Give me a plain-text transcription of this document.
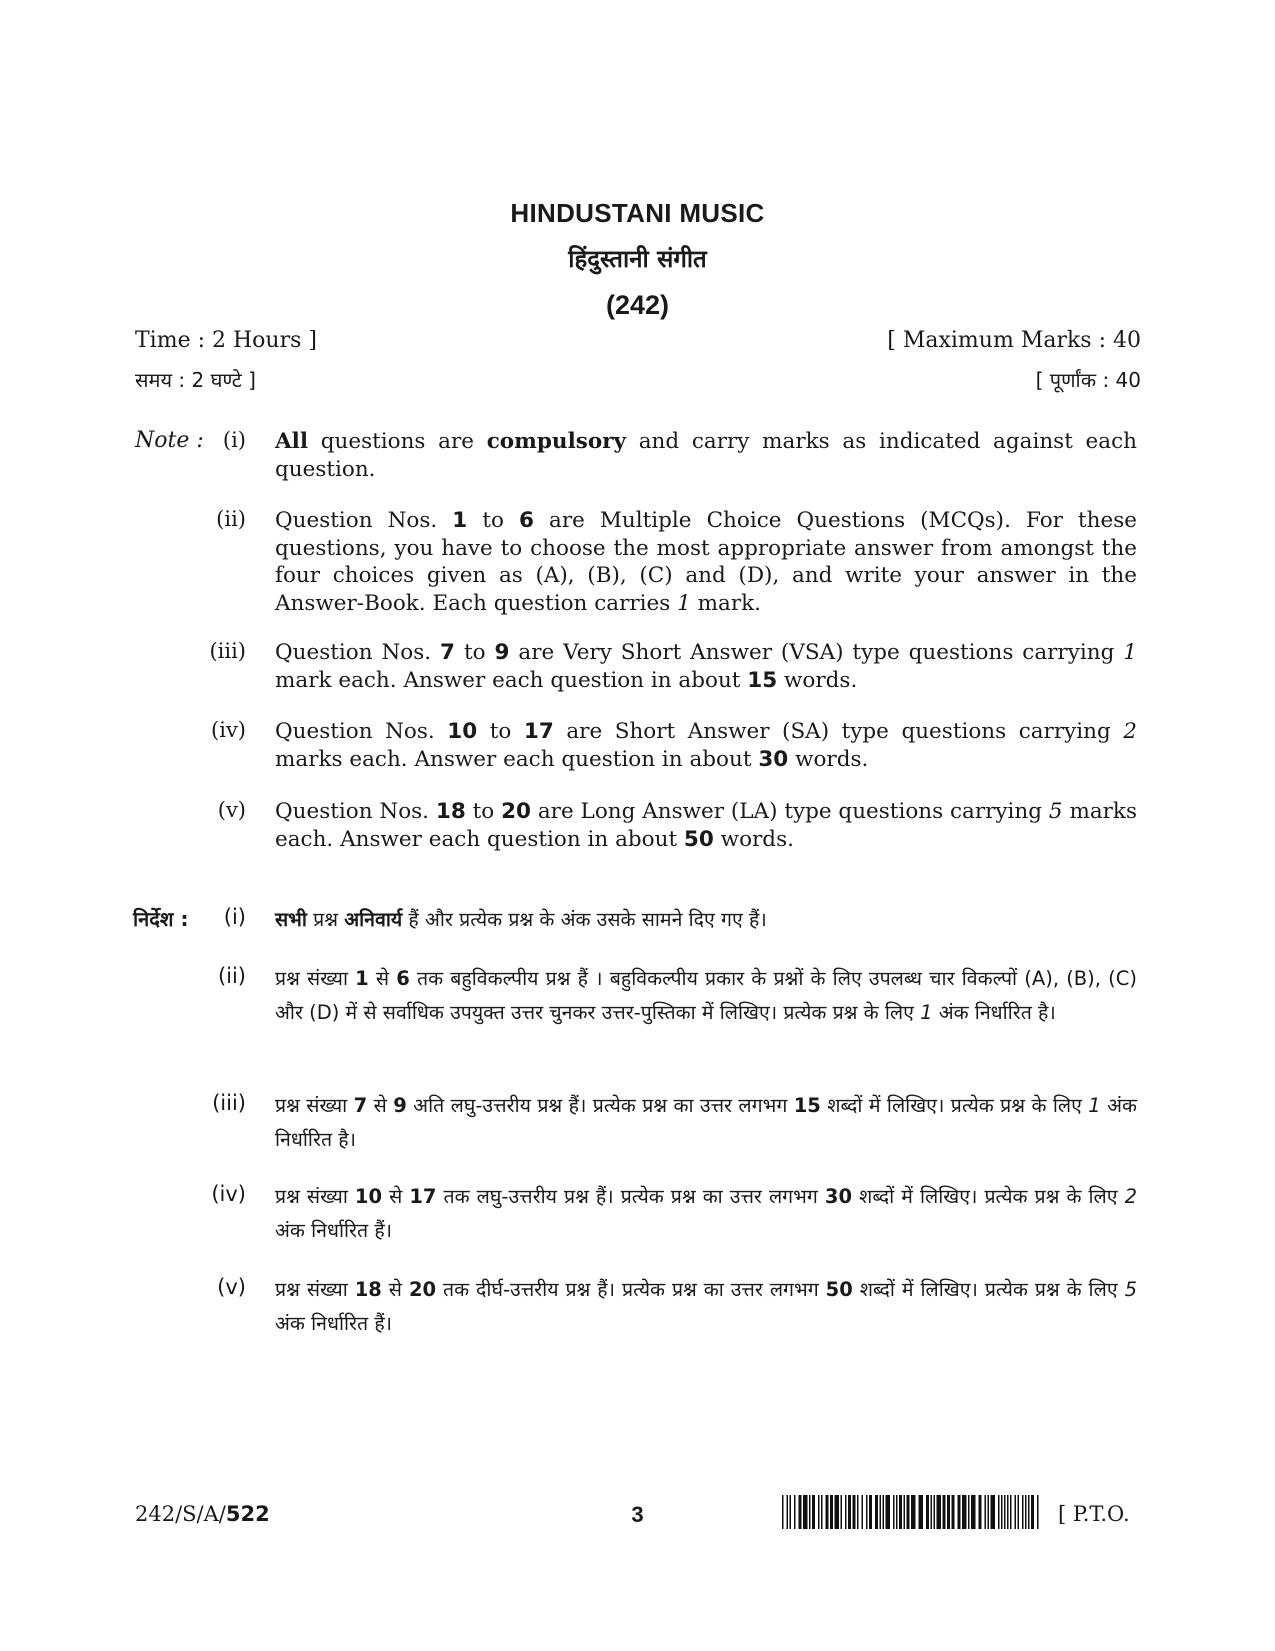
HINDUSTANI MUSIC
हिंदुस्तानी संगीत
(242)
Time : 2 Hours ]
समय : 2 घण्टे ]
[ Maximum Marks : 40
[ पूर्णांक : 40
Note : (i) All questions are compulsory and carry marks as indicated against each question.
(ii) Question Nos. 1 to 6 are Multiple Choice Questions (MCQs). For these questions, you have to choose the most appropriate answer from amongst the four choices given as (A), (B), (C) and (D), and write your answer in the Answer-Book. Each question carries 1 mark.
(iii) Question Nos. 7 to 9 are Very Short Answer (VSA) type questions carrying 1 mark each. Answer each question in about 15 words.
(iv) Question Nos. 10 to 17 are Short Answer (SA) type questions carrying 2 marks each. Answer each question in about 30 words.
(v) Question Nos. 18 to 20 are Long Answer (LA) type questions carrying 5 marks each. Answer each question in about 50 words.
निर्देश :	(i) सभी प्रश्न अनिवार्य हैं और प्रत्येक प्रश्न के अंक उसके सामने दिए गए हैं।
(ii) प्रश्न संख्या 1 से 6 तक बहुविकल्पीय प्रश्न हैं । बहुविकल्पीय प्रकार के प्रश्नों के लिए उपलब्ध चार विकल्पों (A), (B), (C) और (D) में से सर्वाधिक उपयुक्त उत्तर चुनकर उत्तर-पुस्तिका में लिखिए। प्रत्येक प्रश्न के लिए 1 अंक निर्धारित है।
(iii) प्रश्न संख्या 7 से 9 अति लघु-उत्तरीय प्रश्न हैं। प्रत्येक प्रश्न का उत्तर लगभग 15 शब्दों में लिखिए। प्रत्येक प्रश्न के लिए 1 अंक निर्धारित है।
(iv) प्रश्न संख्या 10 से 17 तक लघु-उत्तरीय प्रश्न हैं। प्रत्येक प्रश्न का उत्तर लगभग 30 शब्दों में लिखिए। प्रत्येक प्रश्न के लिए 2 अंक निर्धारित हैं।
(v) प्रश्न संख्या 18 से 20 तक दीर्घ-उत्तरीय प्रश्न हैं। प्रत्येक प्रश्न का उत्तर लगभग 50 शब्दों में लिखिए। प्रत्येक प्रश्न के लिए 5 अंक निर्धारित हैं।
242/S/A/522	3	[ P.T.O.
